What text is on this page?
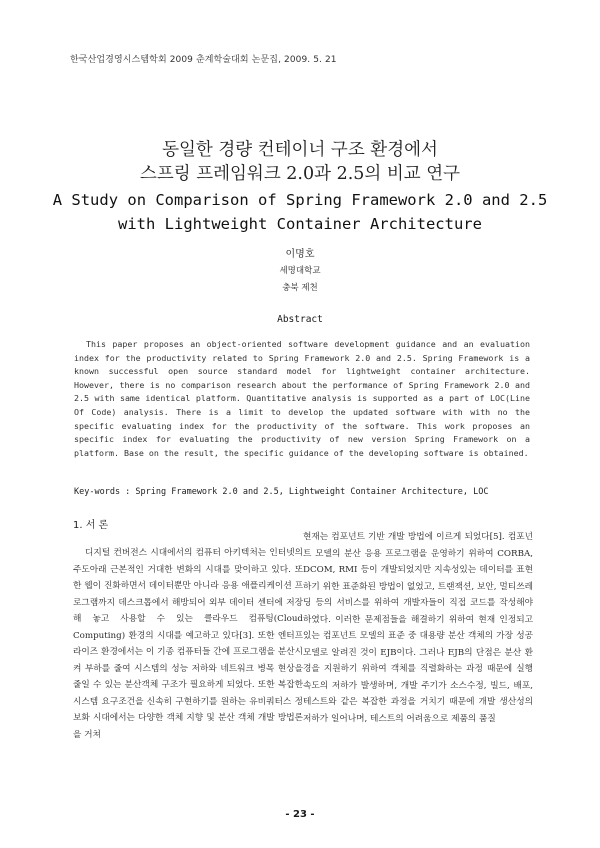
한국산업경영시스템학회 2009 춘계학술대회 논문집, 2009. 5. 21
동일한 경량 컨테이너 구조 환경에서
스프링 프레임워크 2.0과 2.5의 비교 연구
A Study on Comparison of Spring Framework 2.0 and 2.5
with Lightweight Container Architecture
이명호
세명대학교
충북 제천
Abstract

This paper proposes an object-oriented software development guidance and an evaluation index for the productivity related to Spring Framework 2.0 and 2.5. Spring Framework is a known successful open source standard model for lightweight container architecture. However, there is no comparison research about the performance of Spring Framework 2.0 and 2.5 with same identical platform. Quantitative analysis is supported as a part of LOC(Line Of Code) analysis. There is a limit to develop the updated software with with no the specific evaluating index for the productivity of the software. This work proposes an specific index for evaluating the productivity of new version Spring Framework on a platform. Base on the result, the specific guidance of the developing software is obtained.

Key-words : Spring Framework 2.0 and 2.5, Lightweight Container Architecture, LOC
1. 서 론

디지털 컨버전스 시대에서의 컴퓨터 아키텍처는 인터넷의 주도아래 근본적인 거대한 변화의 시대를 맞이하고 있다. 또한 웹이 진화하면서 데이터뿐만 아니라 응용 애플리케이션 프로그램까지 데스크톱에서 해방되어 외부 데이터 센터에 저장해 놓고 사용할 수 있는 클라우드 컴퓨팅(Cloud Computing) 환경의 시대를 예고하고 있다[3]. 또한 엔터프라이즈 환경에서는 이 기종 컴퓨터들 간에 프로그램을 분산시켜 부하를 줄여 시스템의 성능 저하와 네트워크 병목 현상을 줄일 수 있는 분산객체 구조가 필요하게 되었다. 또한 복잡한 시스템 요구조건을 신속히 구현하기를 원하는 유비쿼터스 정보화 시대에서는 다양한 객체 지향 및 분산 객체 개발 방법론을 거쳐

현재는 컴포넌트 기반 개발 방법에 이르게 되었다[5]. 컴포넌트 모델의 분산 응용 프로그램을 운영하기 위하여 CORBA, DCOM, RMI 등이 개발되었지만 지속성있는 데이터를 표현하기 위한 표준화된 방법이 없었고, 트랜잭션, 보안, 멀티쓰레딩 등의 서비스를 위하여 개발자들이 직접 코드를 작성해야 하였다. 이러한 문제점들을 해결하기 위하여 현재 인정되고 있는 컴포넌트 모델의 표준 중 대용량 분산 객체의 가장 성공모델로 알려진 것이 EJB이다. 그러나 EJB의 단점은 분산 환경을 지원하기 위하여 객체를 직렬화하는 과정 때문에 실행 속도의 저하가 발생하며, 개발 주기가 소스수정, 빌드, 배포, 테스트와 같은 복잡한 과정을 거치기 때문에 개발 생산성의 저하가 일어나며, 테스트의 어려움으로 제품의 품질

- 23 -
